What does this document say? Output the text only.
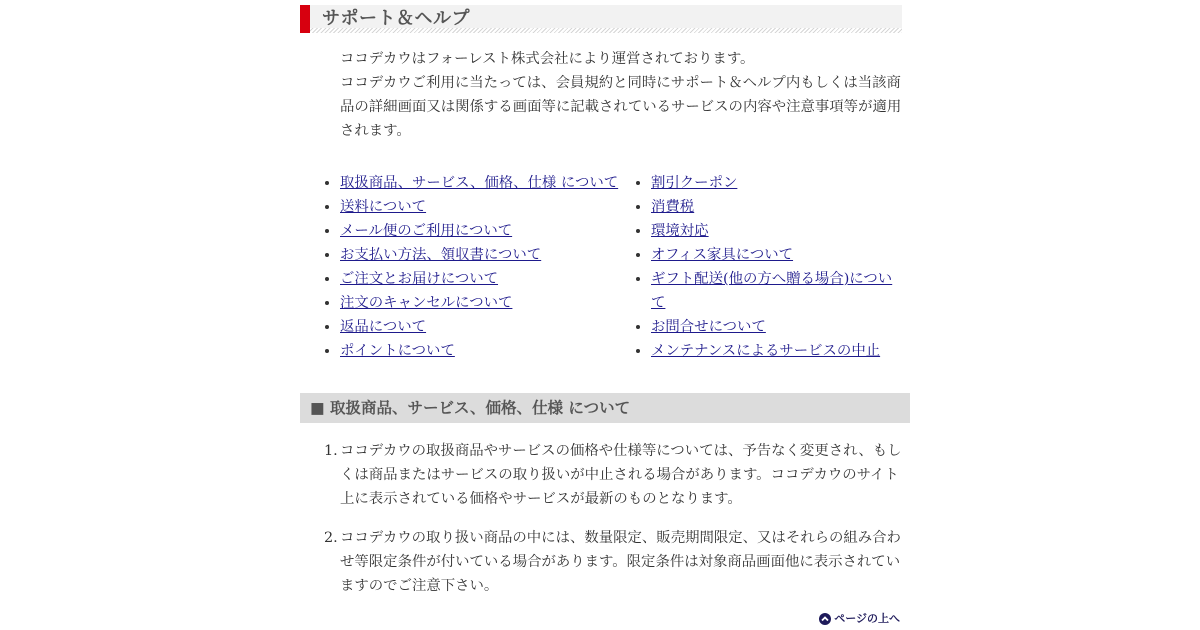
サポート＆ヘルプ

ココデカウはフォーレスト株式会社により運営されております。

ココデカウご利用に当たっては、会員規約と同時にサポート＆ヘルプ内もしくは当該商品の詳細画面又は関係する画面等に記載されているサービスの内容や注意事項等が適用されます。

• 取扱商品、サービス、価格、仕様 について
• 送料について
• メール便のご利用について
• お支払い方法、領収書について
• ご注文とお届けについて
• 注文のキャンセルについて
• 返品について
• ポイントについて
• 割引クーポン
• 消費税
• 環境対応
• オフィス家具について
• ギフト配送(他の方へ贈る場合)について
• お問合せについて
• メンテナンスによるサービスの中止
■ 取扱商品、サービス、価格、仕様 について
1. ココデカウの取扱商品やサービスの価格や仕様等については、予告なく変更され、もしくは商品またはサービスの取り扱いが中止される場合があります。ココデカウのサイト上に表示されている価格やサービスが最新のものとなります。
2. ココデカウの取り扱い商品の中には、数量限定、販売期間限定、又はそれらの組み合わせ等限定条件が付いている場合があります。限定条件は対象商品画面他に表示されていますのでご注意下さい。
ページの上へ
